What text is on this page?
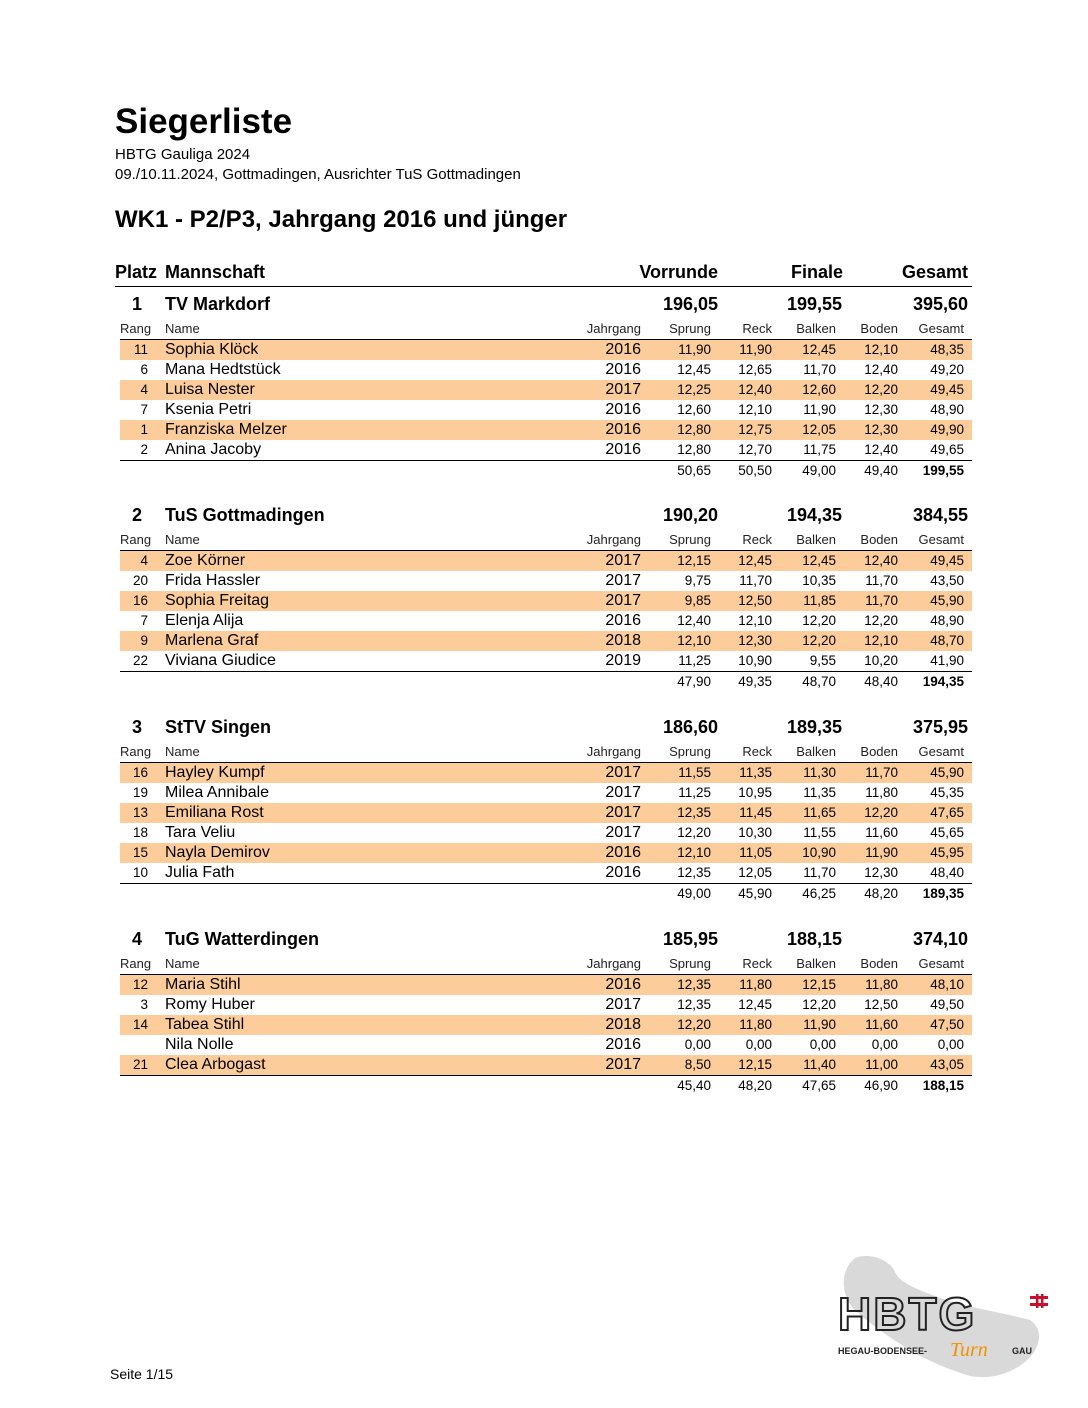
Siegerliste
HBTG Gauliga 2024
09./10.11.2024, Gottmadingen, Ausrichter TuS Gottmadingen
WK1 - P2/P3, Jahrgang 2016 und jünger
Platz Mannschaft	Vorrunde	Finale	Gesamt
1 TV Markdorf	196,05	199,55	395,60
Rang Name	Jahrgang	Sprung	Reck	Balken	Boden	Gesamt
11 Sophia Klöck	2016	11,90	11,90	12,45	12,10	48,35
6 Mana Hedtstück	2016	12,45	12,65	11,70	12,40	49,20
4 Luisa Nester	2017	12,25	12,40	12,60	12,20	49,45
7 Ksenia Petri	2016	12,60	12,10	11,90	12,30	48,90
1 Franziska Melzer	2016	12,80	12,75	12,05	12,30	49,90
2 Anina Jacoby	2016	12,80	12,70	11,75	12,40	49,65
50,65	50,50	49,00	49,40	199,55
2 TuS Gottmadingen	190,20	194,35	384,55
Rang Name	Jahrgang	Sprung	Reck	Balken	Boden	Gesamt
4 Zoe Körner	2017	12,15	12,45	12,45	12,40	49,45
20 Frida Hassler	2017	9,75	11,70	10,35	11,70	43,50
16 Sophia Freitag	2017	9,85	12,50	11,85	11,70	45,90
7 Elenja Alija	2016	12,40	12,10	12,20	12,20	48,90
9 Marlena Graf	2018	12,10	12,30	12,20	12,10	48,70
22 Viviana Giudice	2019	11,25	10,90	9,55	10,20	41,90
47,90	49,35	48,70	48,40	194,35
3 StTV Singen	186,60	189,35	375,95
Rang Name	Jahrgang	Sprung	Reck	Balken	Boden	Gesamt
16 Hayley Kumpf	2017	11,55	11,35	11,30	11,70	45,90
19 Milea Annibale	2017	11,25	10,95	11,35	11,80	45,35
13 Emiliana Rost	2017	12,35	11,45	11,65	12,20	47,65
18 Tara Veliu	2017	12,20	10,30	11,55	11,60	45,65
15 Nayla Demirov	2016	12,10	11,05	10,90	11,90	45,95
10 Julia Fath	2016	12,35	12,05	11,70	12,30	48,40
49,00	45,90	46,25	48,20	189,35
4 TuG Watterdingen	185,95	188,15	374,10
Rang Name	Jahrgang	Sprung	Reck	Balken	Boden	Gesamt
12 Maria Stihl	2016	12,35	11,80	12,15	11,80	48,10
3 Romy Huber	2017	12,35	12,45	12,20	12,50	49,50
14 Tabea Stihl	2018	12,20	11,80	11,90	11,60	47,50
Nila Nolle	2016	0,00	0,00	0,00	0,00	0,00
21 Clea Arbogast	2017	8,50	12,15	11,40	11,00	43,05
45,40	48,20	47,65	46,90	188,15
Seite 1/15
HBTG
HEGAU-BODENSEE- Turn	GAU
